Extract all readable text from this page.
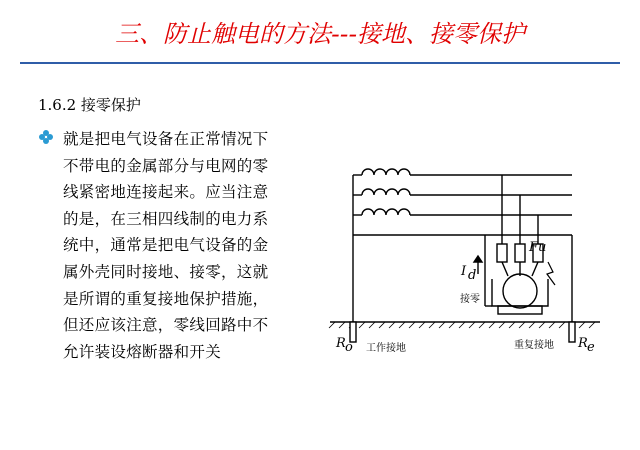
三、防止触电的方法---接地、接零保护
1.6.2 接零保护
就是把电气设备在正常情况下不带电的金属部分与电网的零线紧密地连接起来。应当注意的是，在三相四线制的电力系统中，通常是把电气设备的金属外壳同时接地、接零，这就是所谓的重复接地保护措施，但还应该注意，零线回路中不允许装设熔断器和开关
Fu
I d
接零
工作接地	重复接地
R o	R e
